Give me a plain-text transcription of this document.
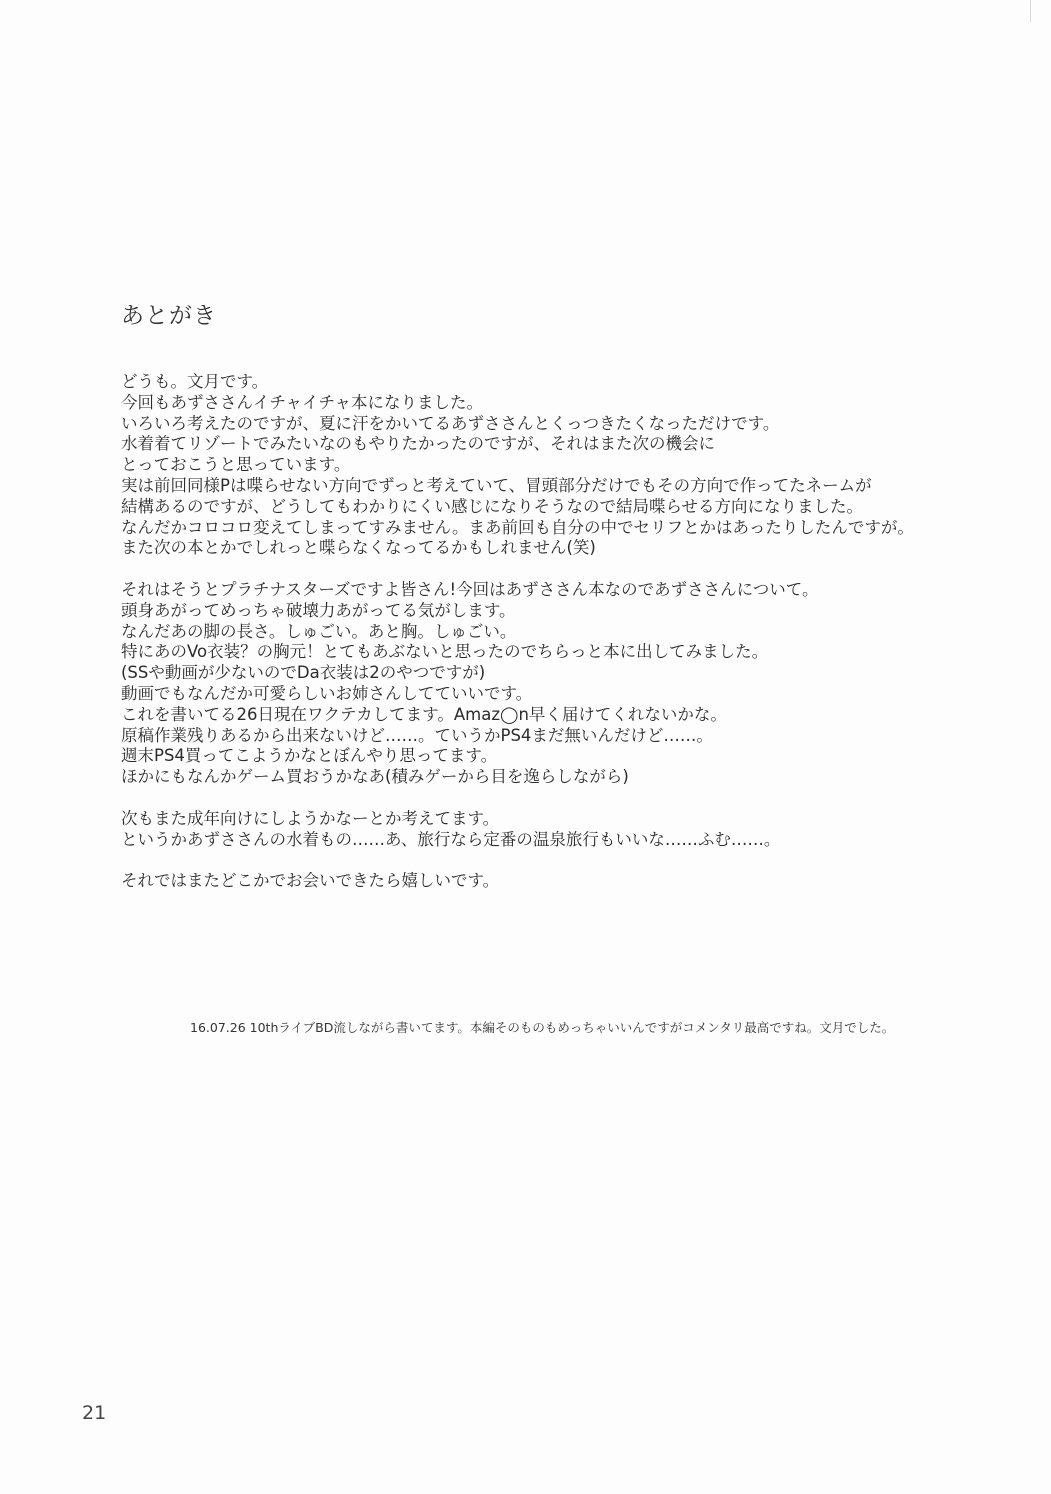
あとがき

どうも。文月です。
今回もあずささんイチャイチャ本になりました。
いろいろ考えたのですが、夏に汗をかいてるあずささんとくっつきたくなっただけです。
水着着てリゾートでみたいなのもやりたかったのですが、それはまた次の機会に
とっておこうと思っています。
実は前回同様Pは喋らせない方向でずっと考えていて、冒頭部分だけでもその方向で作ってたネームが
結構あるのですが、どうしてもわかりにくい感じになりそうなので結局喋らせる方向になりました。
なんだかコロコロ変えてしまってすみません。まあ前回も自分の中でセリフとかはあったりしたんですが。
また次の本とかでしれっと喋らなくなってるかもしれません(笑)

それはそうとプラチナスターズですよ皆さん!今回はあずささん本なのであずささんについて。
頭身あがってめっちゃ破壊力あがってる気がします。
なんだあの脚の長さ。しゅごい。あと胸。しゅごい。
特にあのVo衣装？の胸元！とてもあぶないと思ったのでちらっと本に出してみました。
(SSや動画が少ないのでDa衣装は2のやつですが)
動画でもなんだか可愛らしいお姉さんしてていいです。
これを書いてる26日現在ワクテカしてます。Amaz◯n早く届けてくれないかな。
原稿作業残りあるから出来ないけど……。ていうかPS4まだ無いんだけど……。
週末PS4買ってこようかなとぼんやり思ってます。
ほかにもなんかゲーム買おうかなあ(積みゲーから目を逸らしながら)

次もまた成年向けにしようかなーとか考えてます。
というかあずささんの水着もの……あ、旅行なら定番の温泉旅行もいいな……ふむ……。

それではまたどこかでお会いできたら嬉しいです。

16.07.26 10thライブBD流しながら書いてます。本編そのものもめっちゃいいんですがコメンタリ最高ですね。文月でした。
21
